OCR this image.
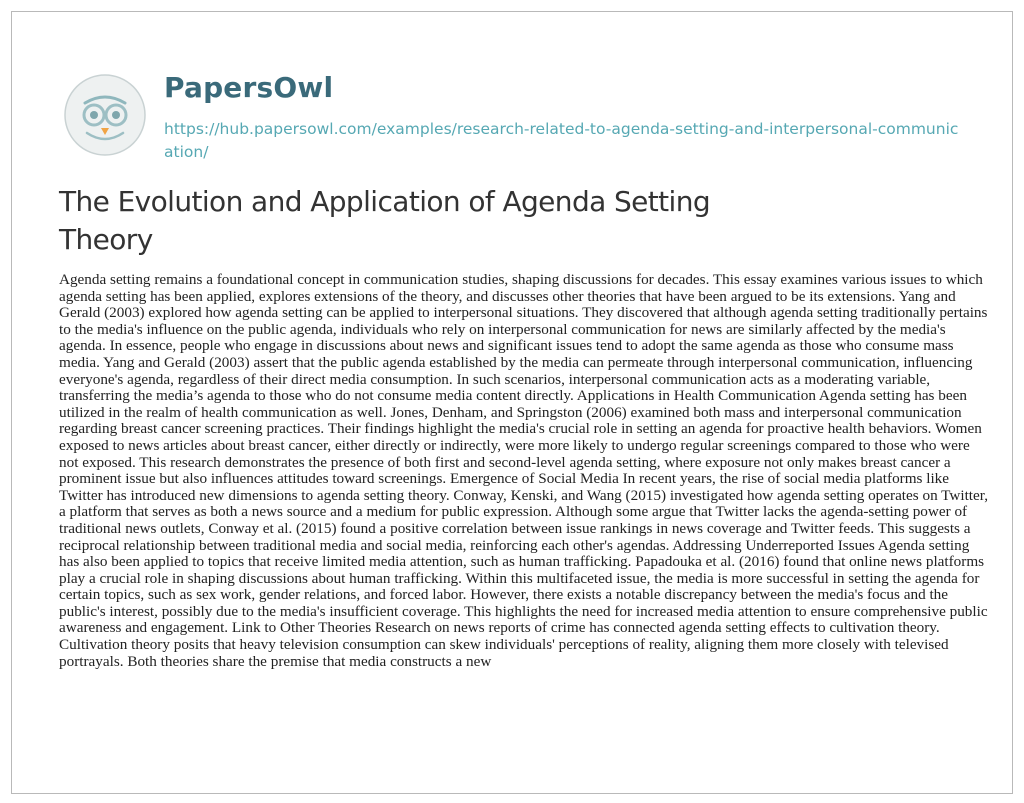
PapersOwl
https://hub.papersowl.com/examples/research-related-to-agenda-setting-and-interpersonal-communication/
The Evolution and Application of Agenda Setting Theory

Agenda setting remains a foundational concept in communication studies, shaping discussions for decades. This essay examines various issues to which agenda setting has been applied, explores extensions of the theory, and discusses other theories that have been argued to be its extensions. Yang and Gerald (2003) explored how agenda setting can be applied to interpersonal situations. They discovered that although agenda setting traditionally pertains to the media's influence on the public agenda, individuals who rely on interpersonal communication for news are similarly affected by the media's agenda. In essence, people who engage in discussions about news and significant issues tend to adopt the same agenda as those who consume mass media. Yang and Gerald (2003) assert that the public agenda established by the media can permeate through interpersonal communication, influencing everyone's agenda, regardless of their direct media consumption. In such scenarios, interpersonal communication acts as a moderating variable, transferring the media’s agenda to those who do not consume media content directly. Applications in Health Communication Agenda setting has been utilized in the realm of health communication as well. Jones, Denham, and Springston (2006) examined both mass and interpersonal communication regarding breast cancer screening practices. Their findings highlight the media's crucial role in setting an agenda for proactive health behaviors. Women exposed to news articles about breast cancer, either directly or indirectly, were more likely to undergo regular screenings compared to those who were not exposed. This research demonstrates the presence of both first and second-level agenda setting, where exposure not only makes breast cancer a prominent issue but also influences attitudes toward screenings. Emergence of Social Media In recent years, the rise of social media platforms like Twitter has introduced new dimensions to agenda setting theory. Conway, Kenski, and Wang (2015) investigated how agenda setting operates on Twitter, a platform that serves as both a news source and a medium for public expression. Although some argue that Twitter lacks the agenda-setting power of traditional news outlets, Conway et al. (2015) found a positive correlation between issue rankings in news coverage and Twitter feeds. This suggests a reciprocal relationship between traditional media and social media, reinforcing each other's agendas. Addressing Underreported Issues Agenda setting has also been applied to topics that receive limited media attention, such as human trafficking. Papadouka et al. (2016) found that online news platforms play a crucial role in shaping discussions about human trafficking. Within this multifaceted issue, the media is more successful in setting the agenda for certain topics, such as sex work, gender relations, and forced labor. However, there exists a notable discrepancy between the media's focus and the public's interest, possibly due to the media's insufficient coverage. This highlights the need for increased media attention to ensure comprehensive public awareness and engagement. Link to Other Theories Research on news reports of crime has connected agenda setting effects to cultivation theory. Cultivation theory posits that heavy television consumption can skew individuals' perceptions of reality, aligning them more closely with televised portrayals. Both theories share the premise that media constructs a new
